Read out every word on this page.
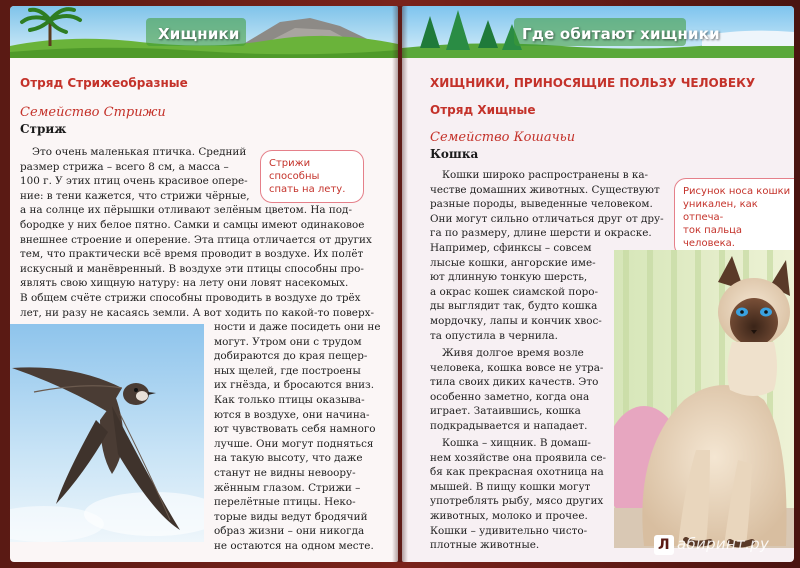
Хищники
Отряд Стрижеобразные
Семейство Стрижи
Стриж
Стрижи способны
спать на лету.
Это очень маленькая птичка. Средний
размер стрижа – всего 8 см, а масса –
100 г. У этих птиц очень красивое опере-
ние: в тени кажется, что стрижи чёрные,
а на солнце их пёрышки отливают зелёным цветом. На под-
бородке у них белое пятно. Самки и самцы имеют одинаковое
внешнее строение и оперение. Эта птица отличается от других
тем, что практически всё время проводит в воздухе. Их полёт
искусный и манёвренный. В воздухе эти птицы способны про-
являть свою хищную натуру: на лету они ловят насекомых.
В общем счёте стрижи способны проводить в воздухе до трёх
лет, ни разу не касаясь земли. А вот ходить по какой-то поверх-
ности и даже посидеть они не
могут. Утром они с трудом
добираются до края пещер-
ных щелей, где построены
их гнёзда, и бросаются вниз.
Как только птицы оказыва-
ются в воздухе, они начина-
ют чувствовать себя намного
лучше. Они могут подняться
на такую высоту, что даже
станут не видны невоору-
жённым глазом. Стрижи –
перелётные птицы. Неко-
торые виды ведут бродячий
образ жизни – они никогда
не остаются на одном месте.
Где обитают хищники
ХИЩНИКИ, ПРИНОСЯЩИЕ ПОЛЬЗУ ЧЕЛОВЕКУ
Отряд Хищные
Семейство Кошачьи
Кошка
Рисунок носа кошки
уникален, как отпеча-
ток пальца человека.
Кошки широко распространены в ка-
честве домашних животных. Существуют
разные породы, выведенные человеком.
Они могут сильно отличаться друг от дру-
га по размеру, длине шерсти и окраске.
Например, сфинксы – совсем
лысые кошки, ангорские име-
ют длинную тонкую шерсть,
а окрас кошек сиамской поро-
ды выглядит так, будто кошка
мордочку, лапы и кончик хвос-
та опустила в чернила.
Живя долгое время возле
человека, кошка вовсе не утра-
тила своих диких качеств. Это
особенно заметно, когда она
играет. Затаившись, кошка
подкрадывается и нападает.
Кошка – хищник. В домаш-
нем хозяйстве она проявила се-
бя как прекрасная охотница на
мышей. В пищу кошки могут
употреблять рыбу, мясо других
животных, молоко и прочее.
Кошки – удивительно чисто-
плотные животные.	Л абиринт.ру
